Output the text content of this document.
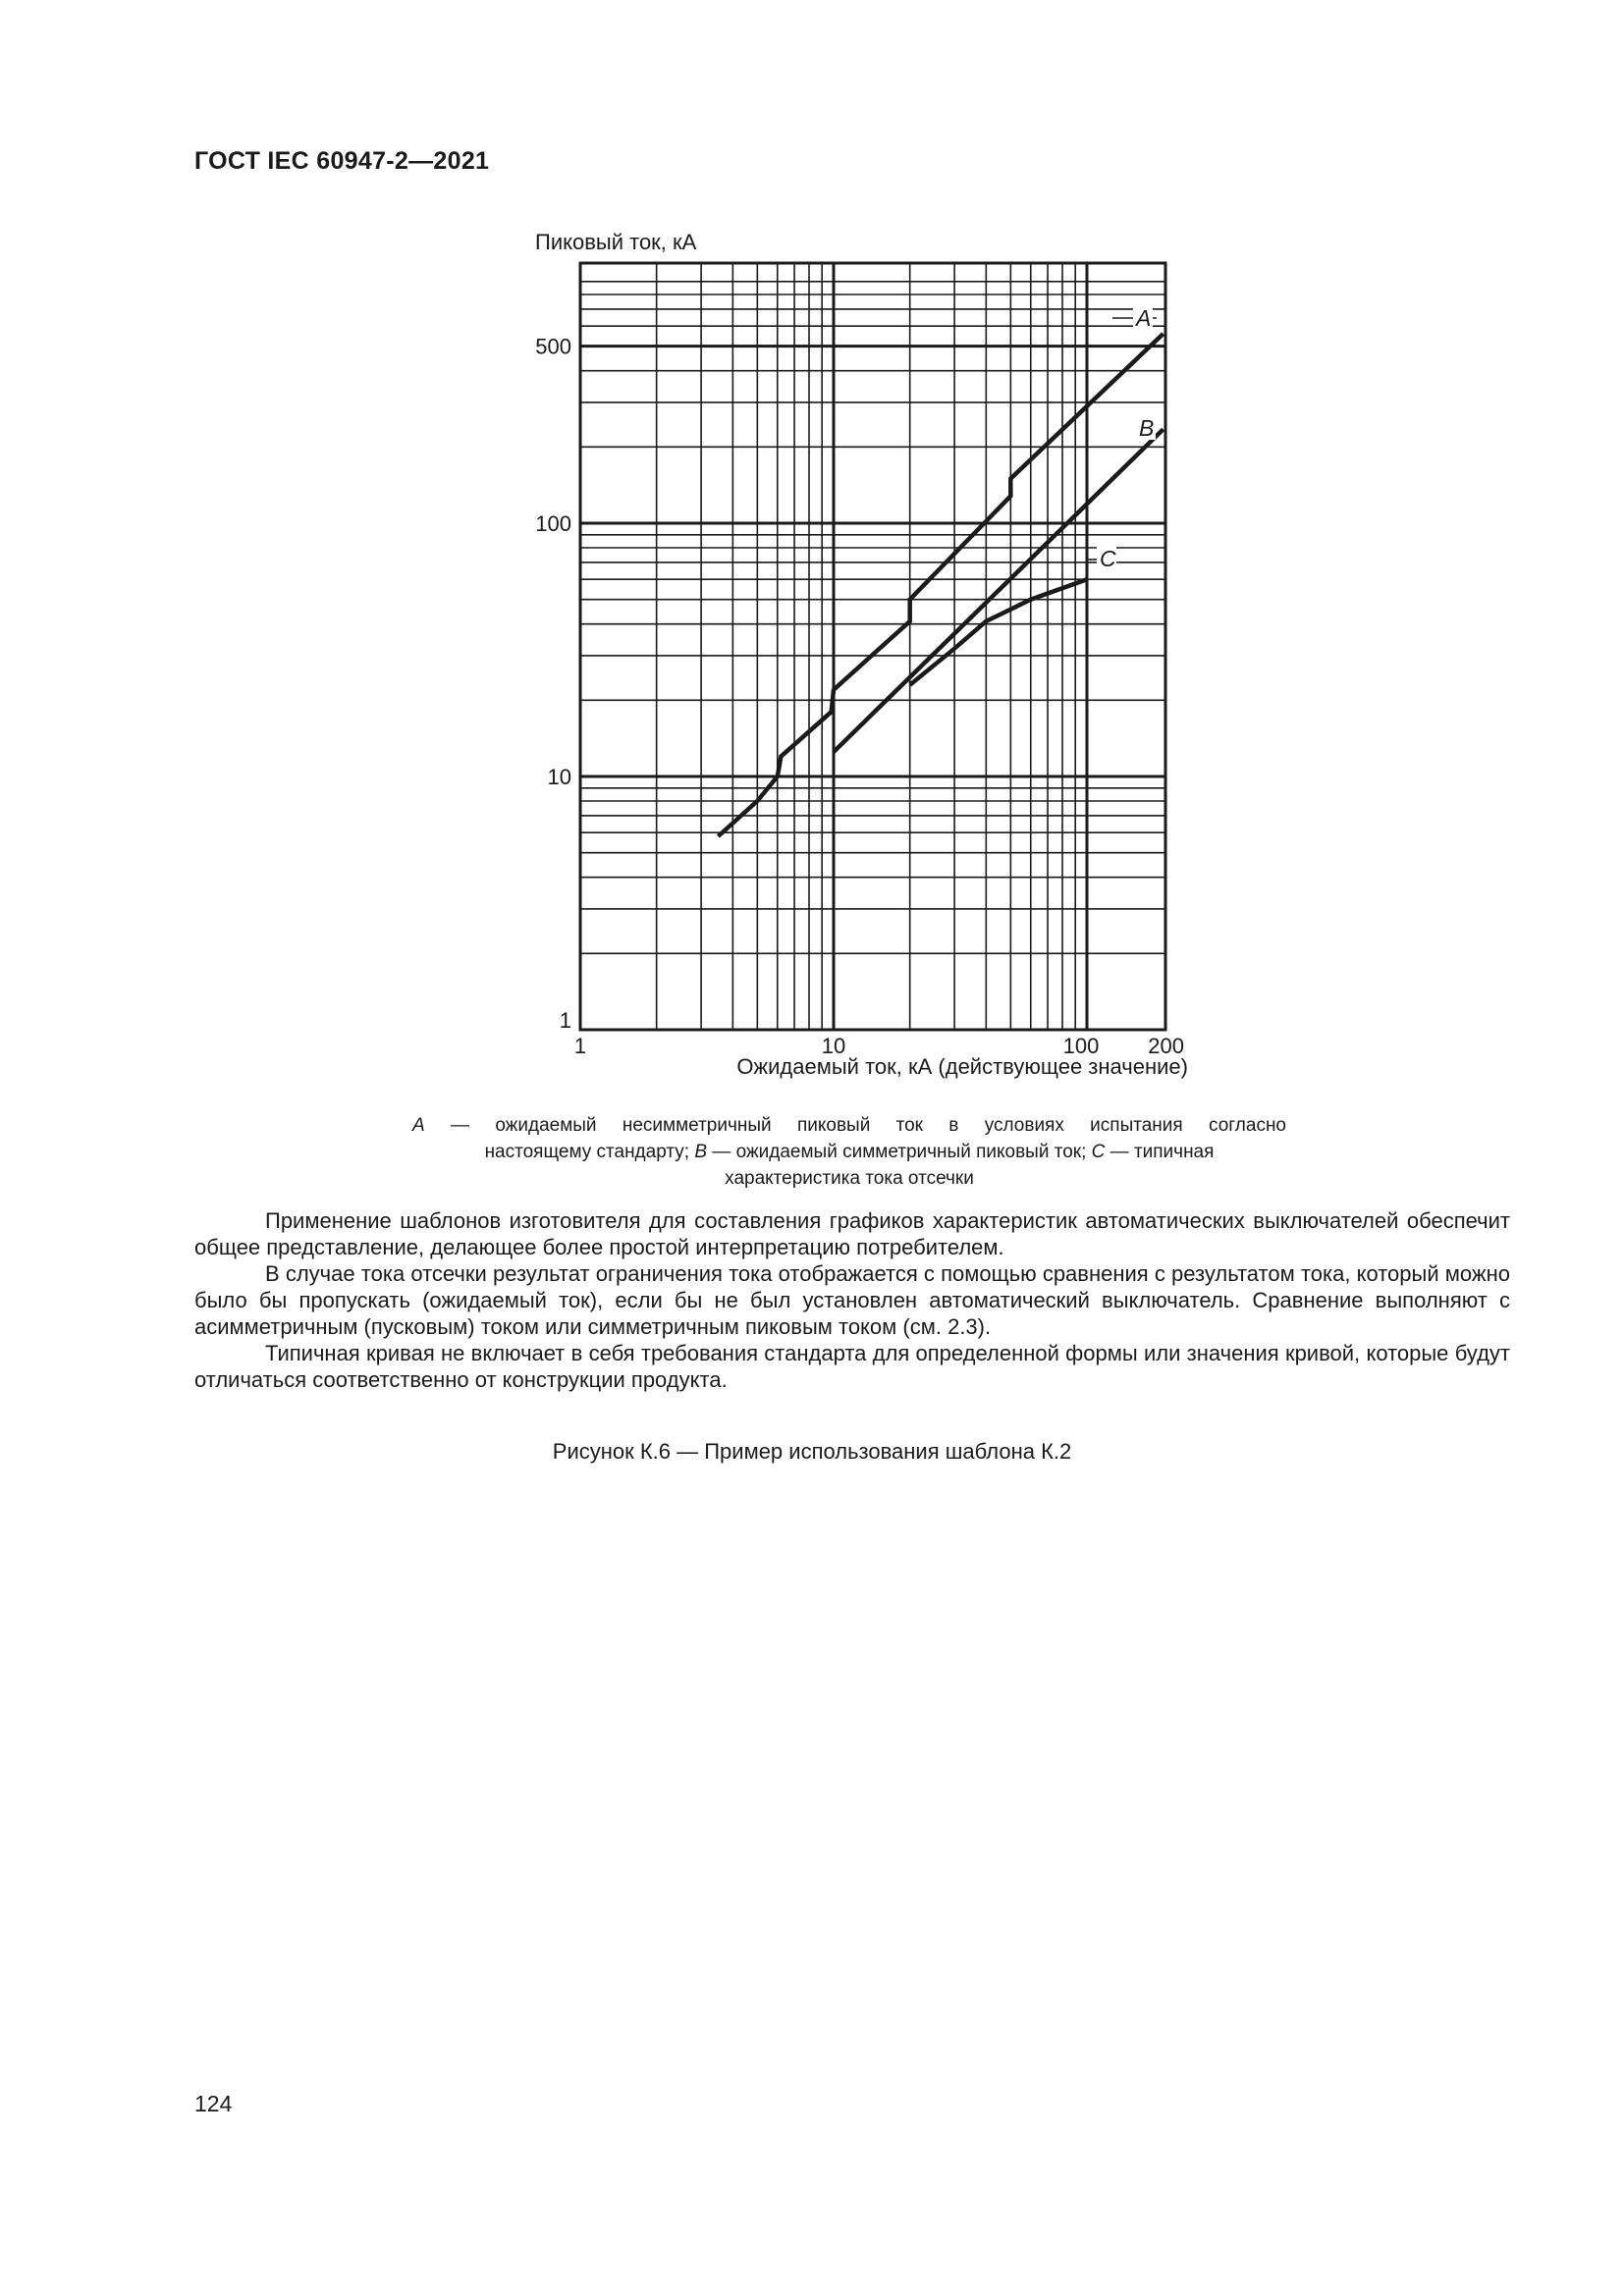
ГОСТ IEC 60947-2—2021
A
B
C
Пиковый ток, кА
1
10
100
500
1	10	100 200
Ожидаемый ток, кА (действующее значение)
A — ожидаемый несимметричный пиковый ток в условиях испытания согласно
настоящему стандарту; B — ожидаемый симметричный пиковый ток; C — типичная
характеристика тока отсечки

Применение шаблонов изготовителя для составления графиков характеристик автоматических выключателей обеспечит общее представление, делающее более простой интерпретацию потребителем.

В случае тока отсечки результат ограничения тока отображается с помощью сравнения с результатом тока, который можно было бы пропускать (ожидаемый ток), если бы не был установлен автоматический выключатель. Сравнение выполняют с асимметричным (пусковым) током или симметричным пиковым током (см. 2.3).

Типичная кривая не включает в себя требования стандарта для определенной формы или значения кривой, которые будут отличаться соответственно от конструкции продукта.

Рисунок К.6 — Пример использования шаблона К.2
124
